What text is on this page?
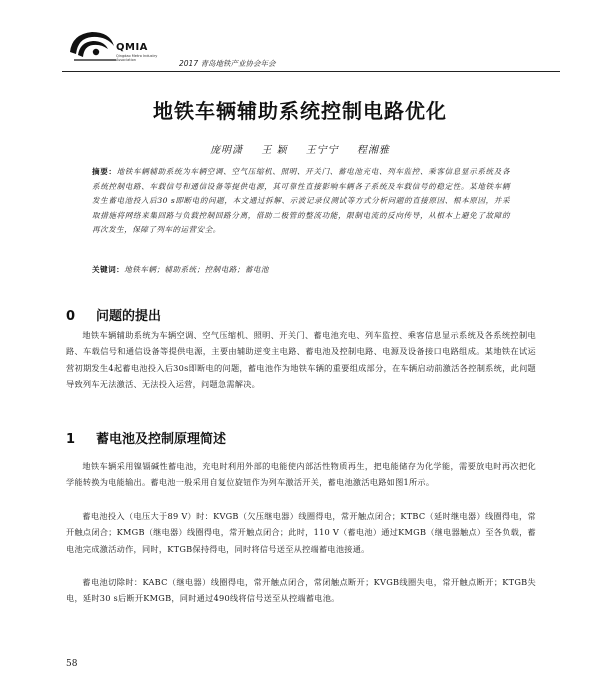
QMIA
Qingdao Metro Industry Association	2017 青岛地铁产业协会年会
地铁车辆辅助系统控制电路优化
庞明潇 王 颖 王宁宁 程湘雅
摘要：地铁车辆辅助系统为车辆空调、空气压缩机、照明、开关门、蓄电池充电、列车监控、乘客信息显示系统及各系统控制电路、车载信号和通信设备等提供电源，其可靠性直接影响车辆各子系统及车载信号的稳定性。某地铁车辆发生蓄电池投入后30 s即断电的问题，本文通过拆解、示波记录仪测试等方式分析问题的直接原因、根本原因，并采取措施将网络来集回路与负载控制回路分离，借助二极管的整流功能，限制电流的反向传导，从根本上避免了故障的再次发生，保障了列车的运营安全。
关键词：地铁车辆；辅助系统；控制电路；蓄电池
0 问题的提出
地铁车辆辅助系统为车辆空调、空气压缩机、照明、开关门、蓄电池充电、列车监控、乘客信息显示系统及各系统控制电路、车载信号和通信设备等提供电源，主要由辅助逆变主电路、蓄电池及控制电路、电源及设备接口电路组成。某地铁在试运营初期发生4起蓄电池投入后30s即断电的问题，蓄电池作为地铁车辆的重要组成部分，在车辆启动前激活各控制系统，此问题导致列车无法激活、无法投入运营，问题急需解决。
1 蓄电池及控制原理简述
地铁车辆采用镍镉碱性蓄电池，充电时利用外部的电能使内部活性物质再生，把电能储存为化学能，需要放电时再次把化学能转换为电能输出。蓄电池一般采用自复位旋钮作为列车激活开关，蓄电池激活电路如图1所示。
蓄电池投入（电压大于89 V）时：KVGB（欠压继电器）线圈得电，常开触点闭合；KTBC（延时继电器）线圈得电，常开触点闭合；KMGB（继电器）线圈得电，常开触点闭合；此时，110 V（蓄电池）通过KMGB（继电器触点）至各负载，蓄电池完成激活动作，同时，KTGB保持得电，同时将信号送至从控端蓄电池接通。
蓄电池切除时：KABC（继电器）线圈得电，常开触点闭合，常闭触点断开；KVGB线圈失电，常开触点断开；KTGB失电，延时30 s后断开KMGB，同时通过490线将信号送至从控端蓄电池。
58
